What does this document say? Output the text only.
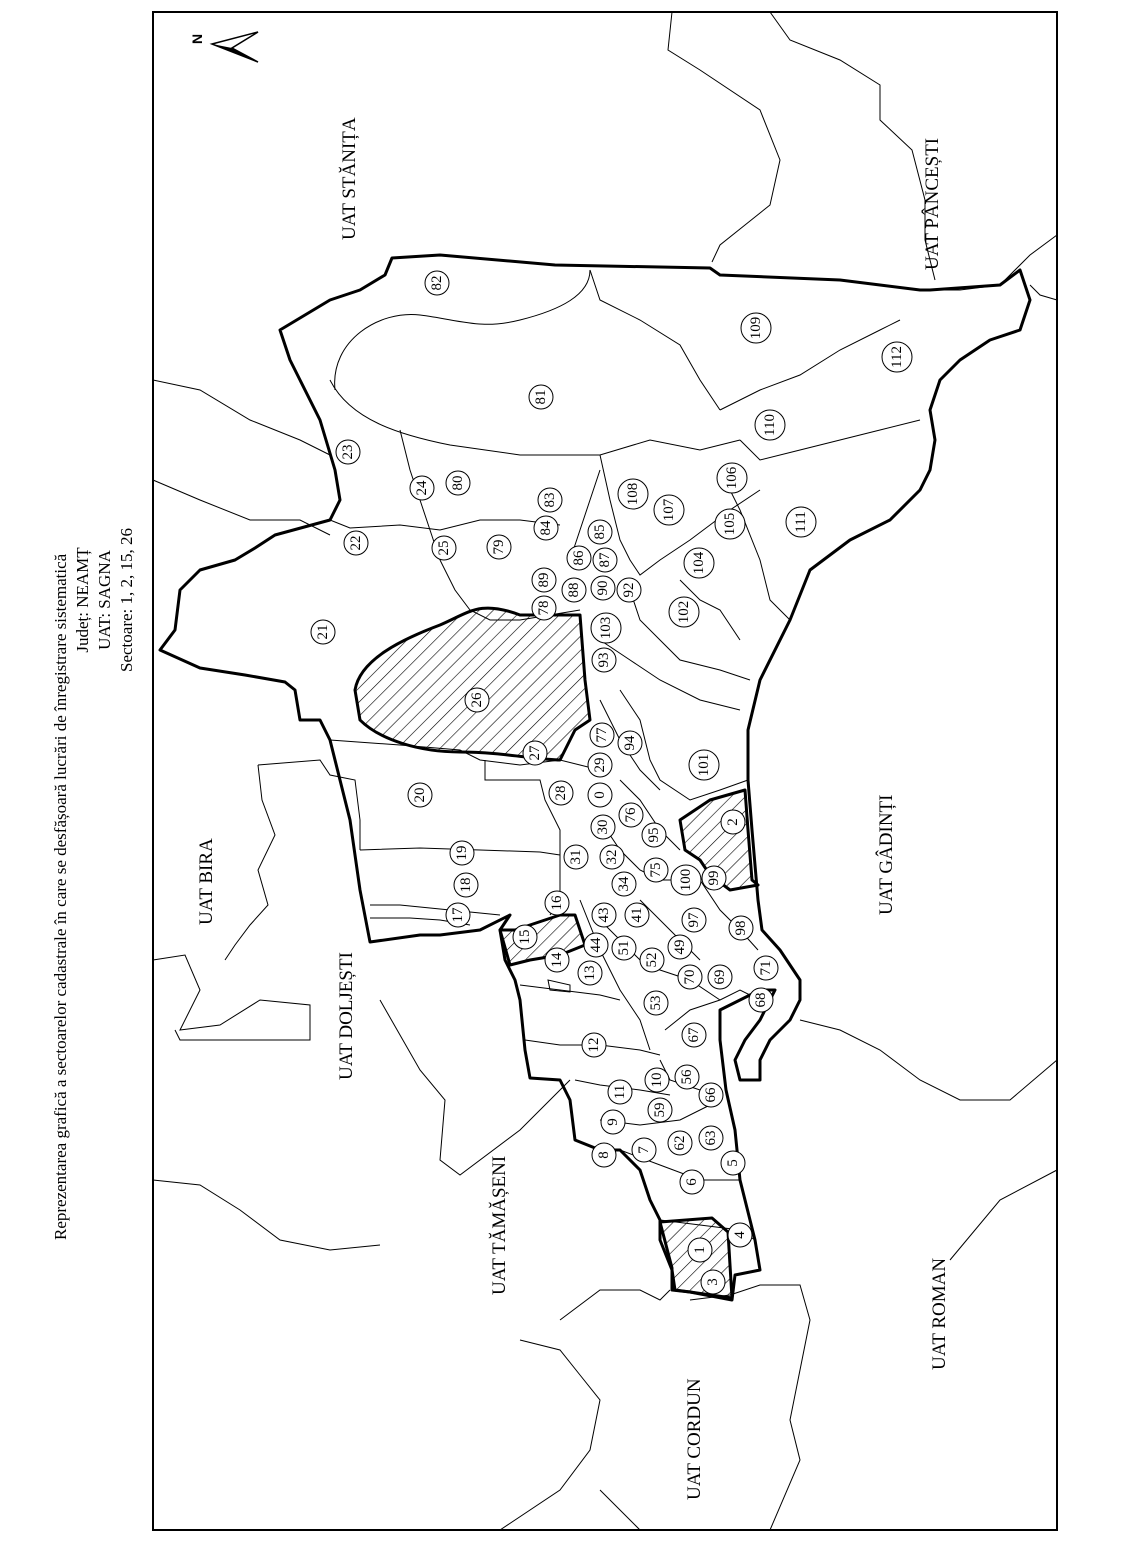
Reprezentarea grafică a sectoarelor cadastrale în care se desfășoară lucrări de înregistrare sistematică Județ: NEAMȚ UAT: SAGNA Sectoare: 1, 2, 15, 26
N
UAT STĂNIȚA	UAT PÂNCEȘTI
UAT BIRA
UAT DOLJEȘTI
UAT GÂDINȚI
UAT TĂMĂȘENI
UAT ROMAN
UAT CORDUN
1
2
3
4
5
6
7
8
9
10
11
12
13
14
15
16
17
18
19
20
21
22
23
24
25
26
27
28
29
0
30
31 32
34
41
43
44	49
51
52
53
56
59
62 63
66
67
68
69
70
71
75
76
77
78
79
80
81
82
83
84	85
86 87
88
89
90 92
93
94
95
97
98
99
100
101
102
103
104
105
106
107
108
109
110
111
112
